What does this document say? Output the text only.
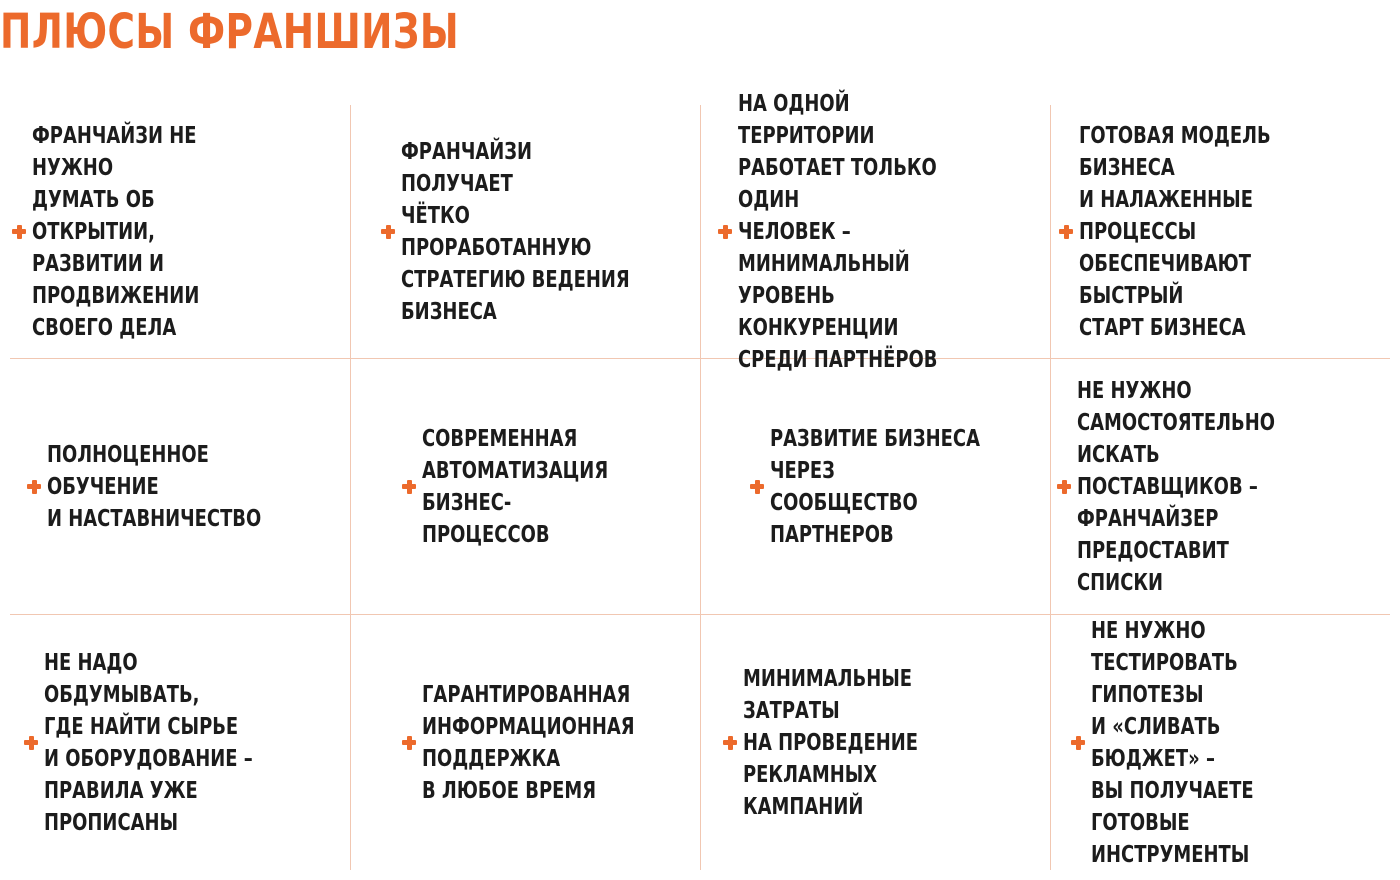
ПЛЮСЫ ФРАНШИЗЫ
ФРАНЧАЙЗИ НЕ НУЖНО
ДУМАТЬ ОБ ОТКРЫТИИ,
РАЗВИТИИ И ПРОДВИЖЕНИИ
СВОЕГО ДЕЛА
ФРАНЧАЙЗИ ПОЛУЧАЕТ
ЧЁТКО ПРОРАБОТАННУЮ
СТРАТЕГИЮ ВЕДЕНИЯ
БИЗНЕСА
НА ОДНОЙ ТЕРРИТОРИИ
РАБОТАЕТ ТОЛЬКО ОДИН
ЧЕЛОВЕК – МИНИМАЛЬНЫЙ
УРОВЕНЬ КОНКУРЕНЦИИ
СРЕДИ ПАРТНЁРОВ
ГОТОВАЯ МОДЕЛЬ БИЗНЕСА
И НАЛАЖЕННЫЕ ПРОЦЕССЫ
ОБЕСПЕЧИВАЮТ БЫСТРЫЙ
СТАРТ БИЗНЕСА
ПОЛНОЦЕННОЕ ОБУЧЕНИЕ
И НАСТАВНИЧЕСТВО
СОВРЕМЕННАЯ
АВТОМАТИЗАЦИЯ
БИЗНЕС-ПРОЦЕССОВ
РАЗВИТИЕ БИЗНЕСА
ЧЕРЕЗ СООБЩЕСТВО
ПАРТНЕРОВ
НЕ НУЖНО САМОСТОЯТЕЛЬНО
ИСКАТЬ ПОСТАВЩИКОВ –
ФРАНЧАЙЗЕР ПРЕДОСТАВИТ
СПИСКИ
НЕ НАДО ОБДУМЫВАТЬ,
ГДЕ НАЙТИ СЫРЬЕ
И ОБОРУДОВАНИЕ –
ПРАВИЛА УЖЕ ПРОПИСАНЫ
ГАРАНТИРОВАННАЯ
ИНФОРМАЦИОННАЯ
ПОДДЕРЖКА
В ЛЮБОЕ ВРЕМЯ
МИНИМАЛЬНЫЕ ЗАТРАТЫ
НА ПРОВЕДЕНИЕ
РЕКЛАМНЫХ КАМПАНИЙ
НЕ НУЖНО ТЕСТИРОВАТЬ
ГИПОТЕЗЫ
И «СЛИВАТЬ БЮДЖЕТ» –
ВЫ ПОЛУЧАЕТЕ ГОТОВЫЕ
ИНСТРУМЕНТЫ
